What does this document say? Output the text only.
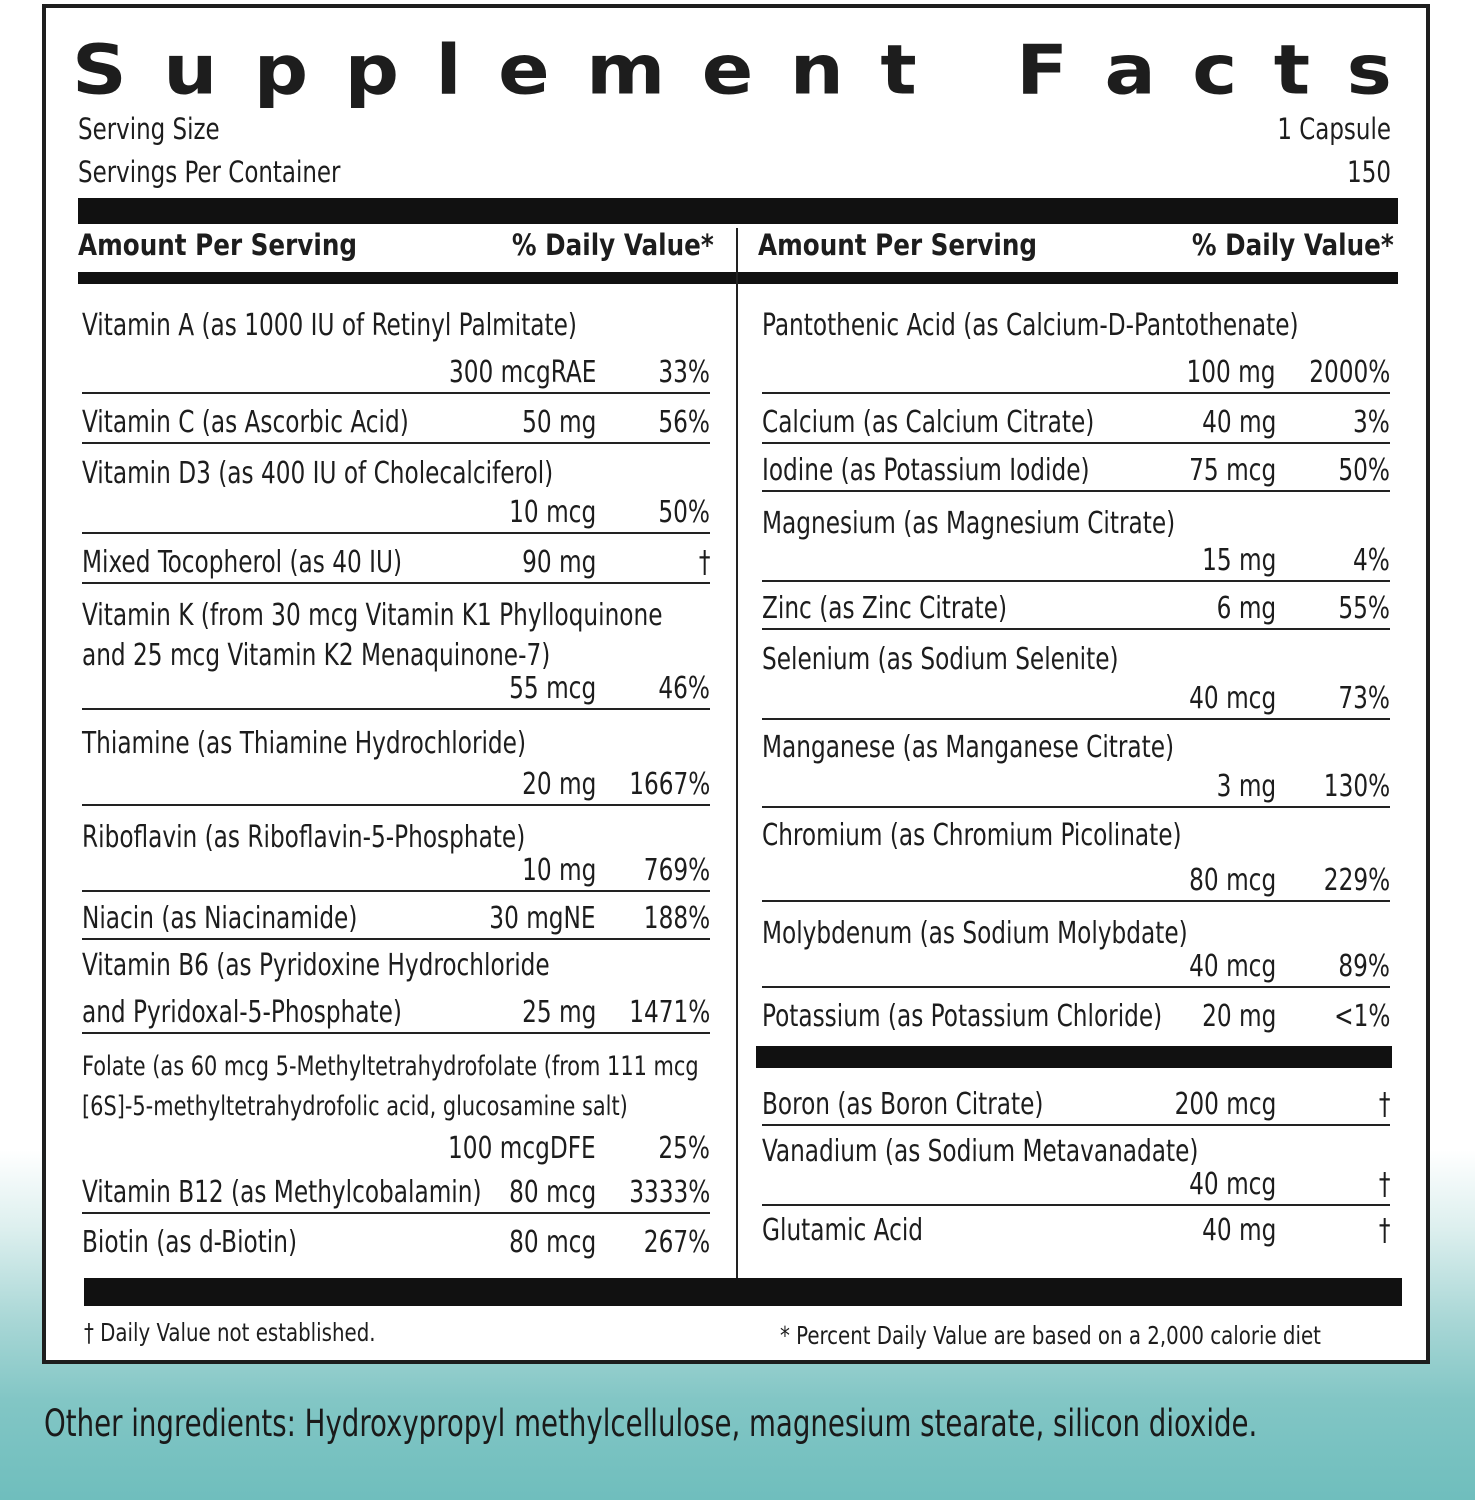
S u p p l e m e n t
F a c t s
Serving Size	1 Capsule
Servings Per Container	150
Amount Per Serving	% Daily Value* Amount Per Serving	% Daily Value*
Vitamin A (as 1000 IU of Retinyl Palmitate)
300 mcgRAE 33%
Vitamin C (as Ascorbic Acid)	50 mg 56%
Vitamin D3 (as 400 IU of Cholecalciferol)
10 mcg 50%
Mixed Tocopherol (as 40 IU)	90 mg	†
Vitamin K (from 30 mcg Vitamin K1 Phylloquinone
and 25 mcg Vitamin K2 Menaquinone-7)
55 mcg 46%
Thiamine (as Thiamine Hydrochloride)
20 mg	1667%
Riboflavin (as Riboflavin-5-Phosphate)
10 mg	769%
Niacin (as Niacinamide)	30 mgNE	188%
Vitamin B6 (as Pyridoxine Hydrochloride
and Pyridoxal-5-Phosphate)	25 mg	1471%
Folate (as 60 mcg 5-Methyltetrahydrofolate (from 111 mcg
[6S]-5-methyltetrahydrofolic acid, glucosamine salt)
100 mcgDFE 25%
Vitamin B12 (as Methylcobalamin) 80 mcg	3333%
Biotin (as d-Biotin)	80 mcg	267%
Pantothenic Acid (as Calcium-D-Pantothenate)
100 mg	2000%
Calcium (as Calcium Citrate)	40 mg	3%
Iodine (as Potassium Iodide)	75 mcg 50%
Magnesium (as Magnesium Citrate)
15 mg	4%
Zinc (as Zinc Citrate)	6 mg 55%
Selenium (as Sodium Selenite)
40 mcg 73%
Manganese (as Manganese Citrate)
3 mg	130%
Chromium (as Chromium Picolinate)
80 mcg	229%
Molybdenum (as Sodium Molybdate)
40 mcg 89%
Potassium (as Potassium Chloride)	20 mg	<1%
Boron (as Boron Citrate)	200 mcg	†
Vanadium (as Sodium Metavanadate)
40 mcg	†
Glutamic Acid	40 mg	†
† Daily Value not established.	* Percent Daily Value are based on a 2,000 calorie diet
Other ingredients: Hydroxypropyl methylcellulose, magnesium stearate, silicon dioxide.
